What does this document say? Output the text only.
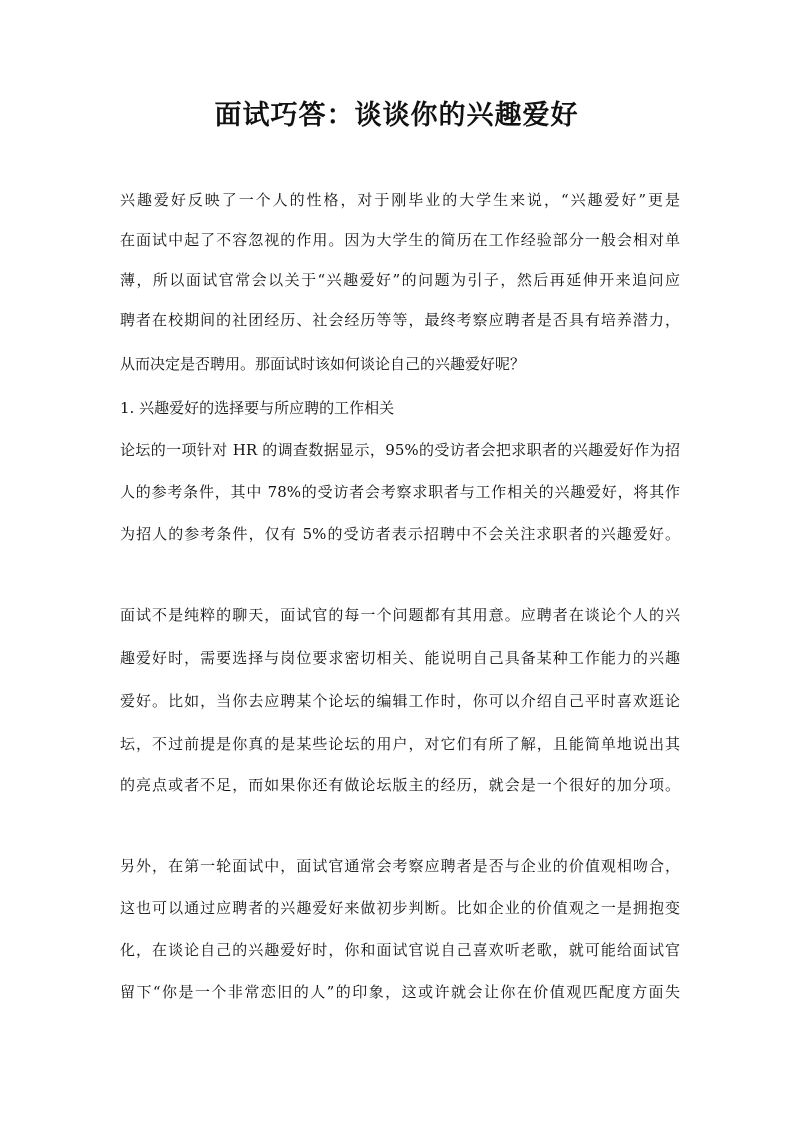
面试巧答：谈谈你的兴趣爱好
兴趣爱好反映了一个人的性格，对于刚毕业的大学生来说，“兴趣爱好”更是
在面试中起了不容忽视的作用。因为大学生的简历在工作经验部分一般会相对单
薄，所以面试官常会以关于“兴趣爱好”的问题为引子，然后再延伸开来追问应
聘者在校期间的社团经历、社会经历等等，最终考察应聘者是否具有培养潜力，
从而决定是否聘用。那面试时该如何谈论自己的兴趣爱好呢？
1. 兴趣爱好的选择要与所应聘的工作相关
论坛的一项针对 HR 的调查数据显示，95%的受访者会把求职者的兴趣爱好作为招
人的参考条件，其中 78%的受访者会考察求职者与工作相关的兴趣爱好，将其作
为招人的参考条件，仅有 5%的受访者表示招聘中不会关注求职者的兴趣爱好。
面试不是纯粹的聊天，面试官的每一个问题都有其用意。应聘者在谈论个人的兴
趣爱好时，需要选择与岗位要求密切相关、能说明自己具备某种工作能力的兴趣
爱好。比如，当你去应聘某个论坛的编辑工作时，你可以介绍自己平时喜欢逛论
坛，不过前提是你真的是某些论坛的用户，对它们有所了解，且能简单地说出其
的亮点或者不足，而如果你还有做论坛版主的经历，就会是一个很好的加分项。
另外，在第一轮面试中，面试官通常会考察应聘者是否与企业的价值观相吻合，
这也可以通过应聘者的兴趣爱好来做初步判断。比如企业的价值观之一是拥抱变
化，在谈论自己的兴趣爱好时，你和面试官说自己喜欢听老歌，就可能给面试官
留下“你是一个非常恋旧的人”的印象，这或许就会让你在价值观匹配度方面失
